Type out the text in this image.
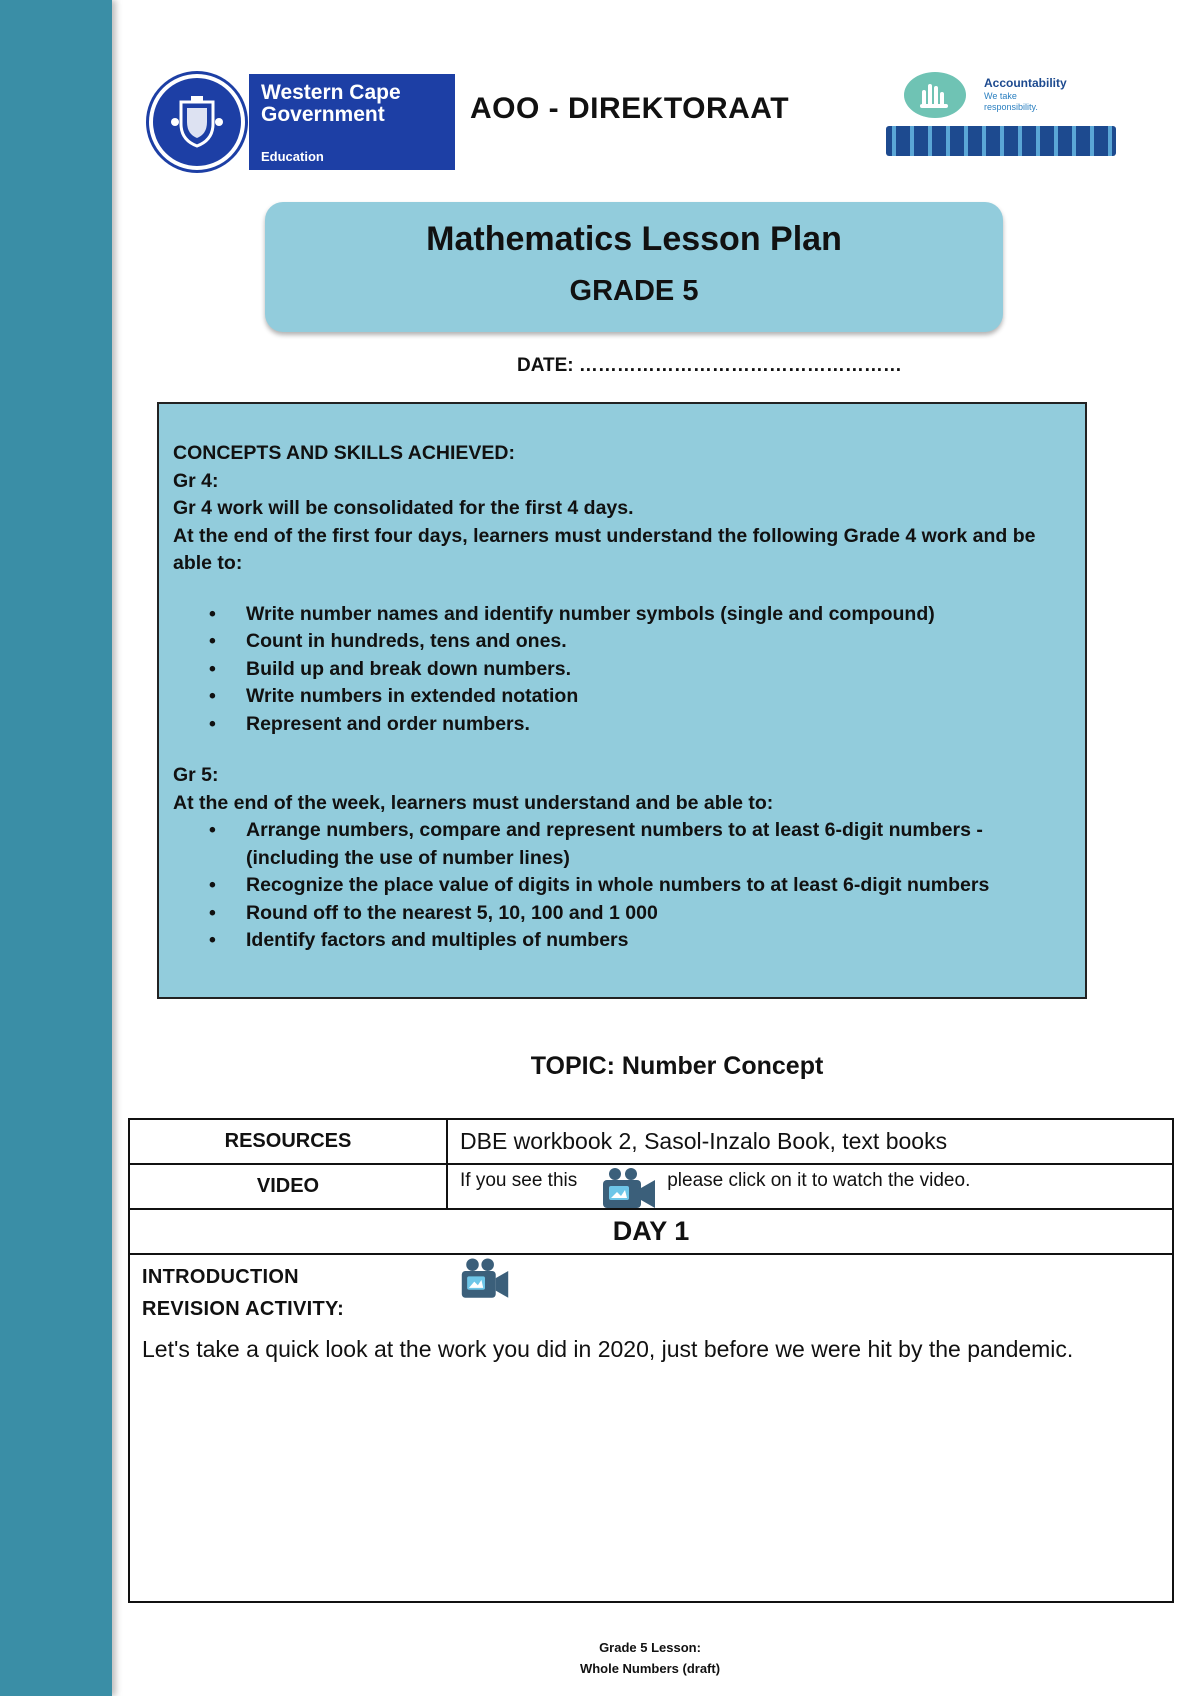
Western Cape
Government
Education
AOO - DIREKTORAAT
Accountability
We take
responsibility.
Mathematics Lesson Plan
GRADE 5
DATE: ……………………………………………

CONCEPTS AND SKILLS ACHIEVED:

Gr 4:

Gr 4 work will be consolidated for the first 4 days.

At the end of the first four days, learners must understand the following Grade 4 work and be able to:

• Write number names and identify number symbols (single and compound)
• Count in hundreds, tens and ones.
• Build up and break down numbers.
• Write numbers in extended notation
• Represent and order numbers.

Gr 5:

At the end of the week, learners must understand and be able to:

• Arrange numbers, compare and represent numbers to at least 6-digit numbers - (including the use of number lines)
• Recognize the place value of digits in whole numbers to at least 6-digit numbers
• Round off to the nearest 5, 10, 100 and 1 000
• Identify factors and multiples of numbers
TOPIC: Number Concept
RESOURCES	DBE workbook 2, Sasol-Inzalo Book, text books
VIDEO	If you see this	please click on it to watch the video.
DAY 1
INTRODUCTION
REVISION ACTIVITY:
Let's take a quick look at the work you did in 2020, just before we were hit by the pandemic.
Grade 5 Lesson:
Whole Numbers (draft)
